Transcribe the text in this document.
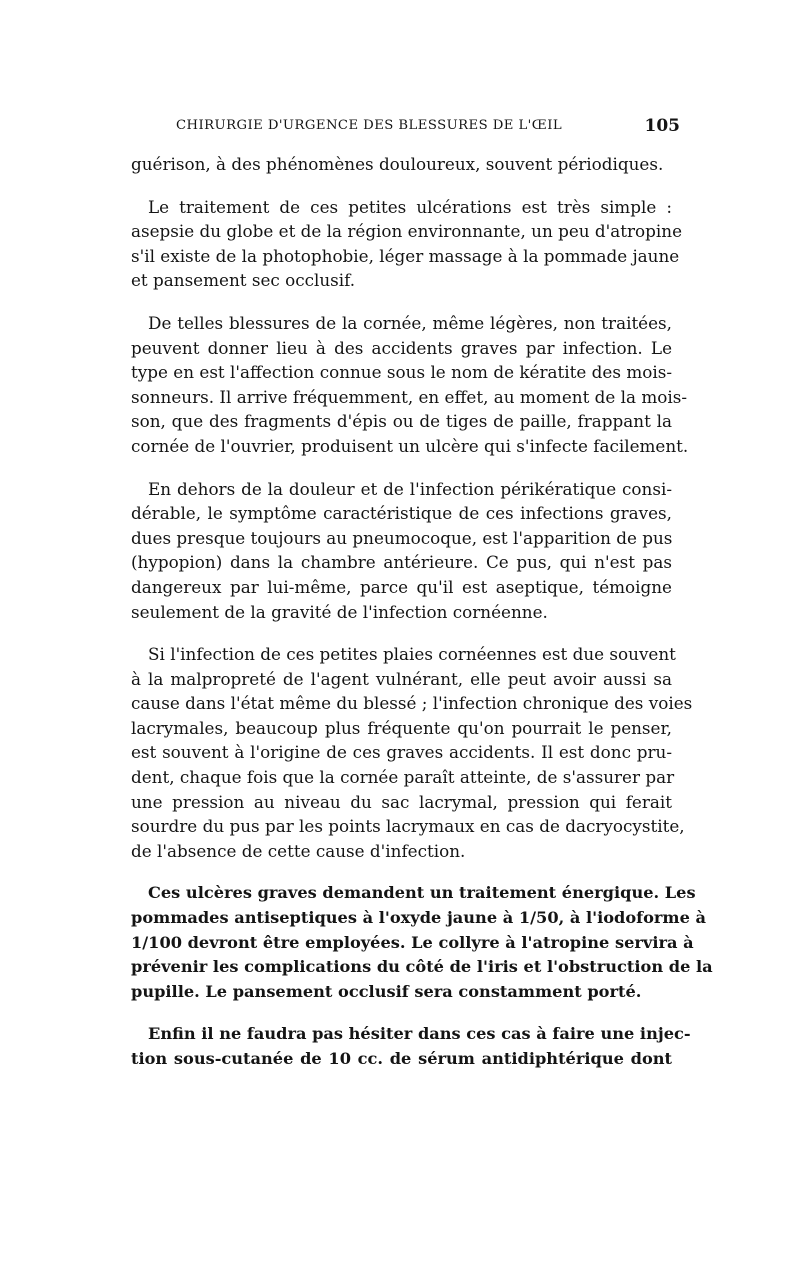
CHIRURGIE D'URGENCE DES BLESSURES DE L'ŒIL	105

guérison, à des phénomènes douloureux, souvent périodiques.

Le traitement de ces petites ulcérations est très simple :
asepsie du globe et de la région environnante, un peu d'atropine
s'il existe de la photophobie, léger massage à la pommade jaune
et pansement sec occlusif.

De telles blessures de la cornée, même légères, non traitées,
peuvent donner lieu à des accidents graves par infection. Le
type en est l'affection connue sous le nom de kératite des mois-
sonneurs. Il arrive fréquemment, en effet, au moment de la mois-
son, que des fragments d'épis ou de tiges de paille, frappant la
cornée de l'ouvrier, produisent un ulcère qui s'infecte facilement.

En dehors de la douleur et de l'infection périkératique consi-
dérable, le symptôme caractéristique de ces infections graves,
dues presque toujours au pneumocoque, est l'apparition de pus
(hypopion) dans la chambre antérieure. Ce pus, qui n'est pas
dangereux par lui-même, parce qu'il est aseptique, témoigne
seulement de la gravité de l'infection cornéenne.

Si l'infection de ces petites plaies cornéennes est due souvent
à la malpropreté de l'agent vulnérant, elle peut avoir aussi sa
cause dans l'état même du blessé ; l'infection chronique des voies
lacrymales, beaucoup plus fréquente qu'on pourrait le penser,
est souvent à l'origine de ces graves accidents. Il est donc pru-
dent, chaque fois que la cornée paraît atteinte, de s'assurer par
une pression au niveau du sac lacrymal, pression qui ferait
sourdre du pus par les points lacrymaux en cas de dacryocystite,
de l'absence de cette cause d'infection.

Ces ulcères graves demandent un traitement énergique. Les
pommades antiseptiques à l'oxyde jaune à 1/50, à l'iodoforme à
1/100 devront être employées. Le collyre à l'atropine servira à
prévenir les complications du côté de l'iris et l'obstruction de la
pupille. Le pansement occlusif sera constamment porté.

Enfin il ne faudra pas hésiter dans ces cas à faire une injec-
tion sous-cutanée de 10 cc. de sérum antidiphtérique dont
